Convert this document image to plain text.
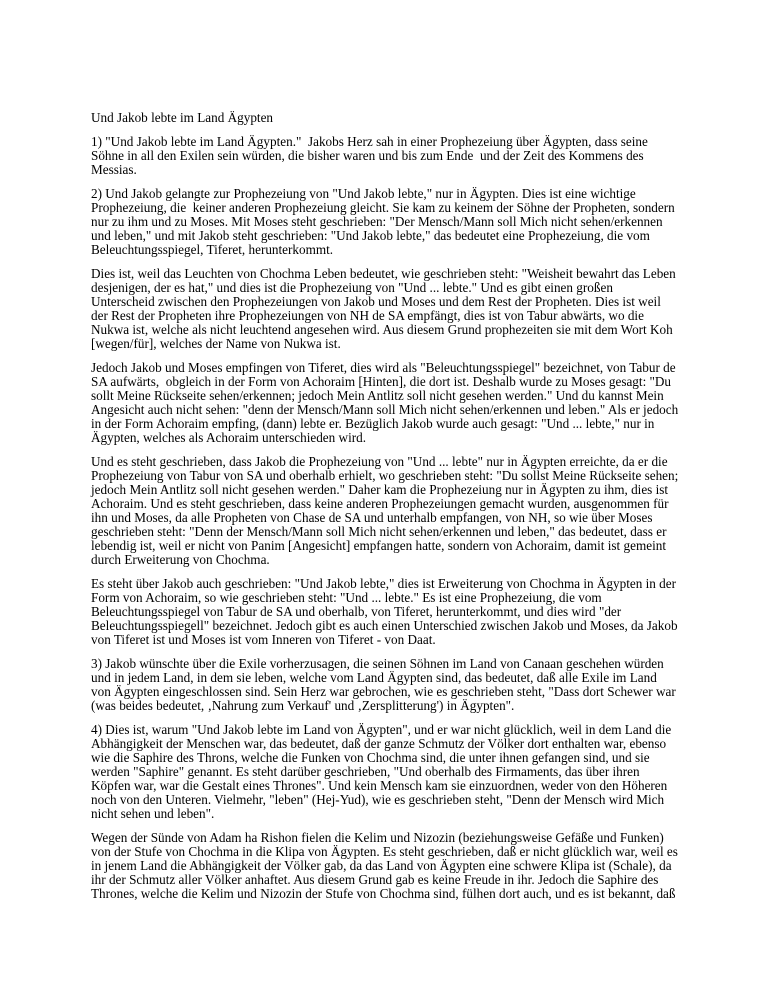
Und Jakob lebte im Land Ägypten

1) "Und Jakob lebte im Land Ägypten."  Jakobs Herz sah in einer Prophezeiung über Ägypten, dass seine Söhne in all den Exilen sein würden, die bisher waren und bis zum Ende  und der Zeit des Kommens des Messias.

2) Und Jakob gelangte zur Prophezeiung von "Und Jakob lebte," nur in Ägypten. Dies ist eine wichtige Prophezeiung, die  keiner anderen Prophezeiung gleicht. Sie kam zu keinem der Söhne der Propheten, sondern nur zu ihm und zu Moses. Mit Moses steht geschrieben: "Der Mensch/Mann soll Mich nicht sehen/erkennen und leben," und mit Jakob steht geschrieben: "Und Jakob lebte," das bedeutet eine Prophezeiung, die vom Beleuchtungsspiegel, Tiferet, herunterkommt.

Dies ist, weil das Leuchten von Chochma Leben bedeutet, wie geschrieben steht: "Weisheit bewahrt das Leben desjenigen, der es hat," und dies ist die Prophezeiung von "Und ... lebte." Und es gibt einen großen Unterscheid zwischen den Prophezeiungen von Jakob und Moses und dem Rest der Propheten. Dies ist weil der Rest der Propheten ihre Prophezeiungen von NH de SA empfängt, dies ist von Tabur abwärts, wo die Nukwa ist, welche als nicht leuchtend angesehen wird. Aus diesem Grund prophezeiten sie mit dem Wort Koh [wegen/für], welches der Name von Nukwa ist.

Jedoch Jakob und Moses empfingen von Tiferet, dies wird als "Beleuchtungsspiegel" bezeichnet, von Tabur de SA aufwärts,  obgleich in der Form von Achoraim [Hinten], die dort ist. Deshalb wurde zu Moses gesagt: "Du sollt Meine Rückseite sehen/erkennen; jedoch Mein Antlitz soll nicht gesehen werden." Und du kannst Mein Angesicht auch nicht sehen: "denn der Mensch/Mann soll Mich nicht sehen/erkennen und leben." Als er jedoch in der Form Achoraim empfing, (dann) lebte er. Bezüglich Jakob wurde auch gesagt: "Und ... lebte," nur in Ägypten, welches als Achoraim unterschieden wird.

Und es steht geschrieben, dass Jakob die Prophezeiung von "Und ... lebte" nur in Ägypten erreichte, da er die Prophezeiung von Tabur von SA und oberhalb erhielt, wo geschrieben steht: "Du sollst Meine Rückseite sehen; jedoch Mein Antlitz soll nicht gesehen werden." Daher kam die Prophezeiung nur in Ägypten zu ihm, dies ist Achoraim. Und es steht geschrieben, dass keine anderen Prophezeiungen gemacht wurden, ausgenommen für ihn und Moses, da alle Propheten von Chase de SA und unterhalb empfangen, von NH, so wie über Moses geschrieben steht: "Denn der Mensch/Mann soll Mich nicht sehen/erkennen und leben," das bedeutet, dass er lebendig ist, weil er nicht von Panim [Angesicht] empfangen hatte, sondern von Achoraim, damit ist gemeint durch Erweiterung von Chochma.

Es steht über Jakob auch geschrieben: "Und Jakob lebte," dies ist Erweiterung von Chochma in Ägypten in der Form von Achoraim, so wie geschrieben steht: "Und ... lebte." Es ist eine Prophezeiung, die vom Beleuchtungsspiegel von Tabur de SA und oberhalb, von Tiferet, herunterkommt, und dies wird "der Beleuchtungsspiegell" bezeichnet. Jedoch gibt es auch einen Unterschied zwischen Jakob und Moses, da Jakob von Tiferet ist und Moses ist vom Inneren von Tiferet - von Daat.

3) Jakob wünschte über die Exile vorherzusagen, die seinen Söhnen im Land von Canaan geschehen würden und in jedem Land, in dem sie leben, welche vom Land Ägypten sind, das bedeutet, daß alle Exile im Land von Ägypten eingeschlossen sind. Sein Herz war gebrochen, wie es geschrieben steht, "Dass dort Schewer war (was beides bedeutet, ‚Nahrung zum Verkauf' und ‚Zersplitterung') in Ägypten".

4) Dies ist, warum "Und Jakob lebte im Land von Ägypten", und er war nicht glücklich, weil in dem Land die Abhängigkeit der Menschen war, das bedeutet, daß der ganze Schmutz der Völker dort enthalten war, ebenso wie die Saphire des Throns, welche die Funken von Chochma sind, die unter ihnen gefangen sind, und sie werden "Saphire" genannt. Es steht darüber geschrieben, "Und oberhalb des Firmaments, das über ihren Köpfen war, war die Gestalt eines Thrones". Und kein Mensch kam sie einzuordnen, weder von den Höheren noch von den Unteren. Vielmehr, "leben" (Hej-Yud), wie es geschrieben steht, "Denn der Mensch wird Mich nicht sehen und leben".

Wegen der Sünde von Adam ha Rishon fielen die Kelim und Nizozin (beziehungsweise Gefäße und Funken) von der Stufe von Chochma in die Klipa von Ägypten. Es steht geschrieben, daß er nicht glücklich war, weil es in jenem Land die Abhängigkeit der Völker gab, da das Land von Ägypten eine schwere Klipa ist (Schale), da ihr der Schmutz aller Völker anhaftet. Aus diesem Grund gab es keine Freude in ihr. Jedoch die Saphire des Thrones, welche die Kelim und Nizozin der Stufe von Chochma sind, fülhen dort auch, und es ist bekannt, daß
